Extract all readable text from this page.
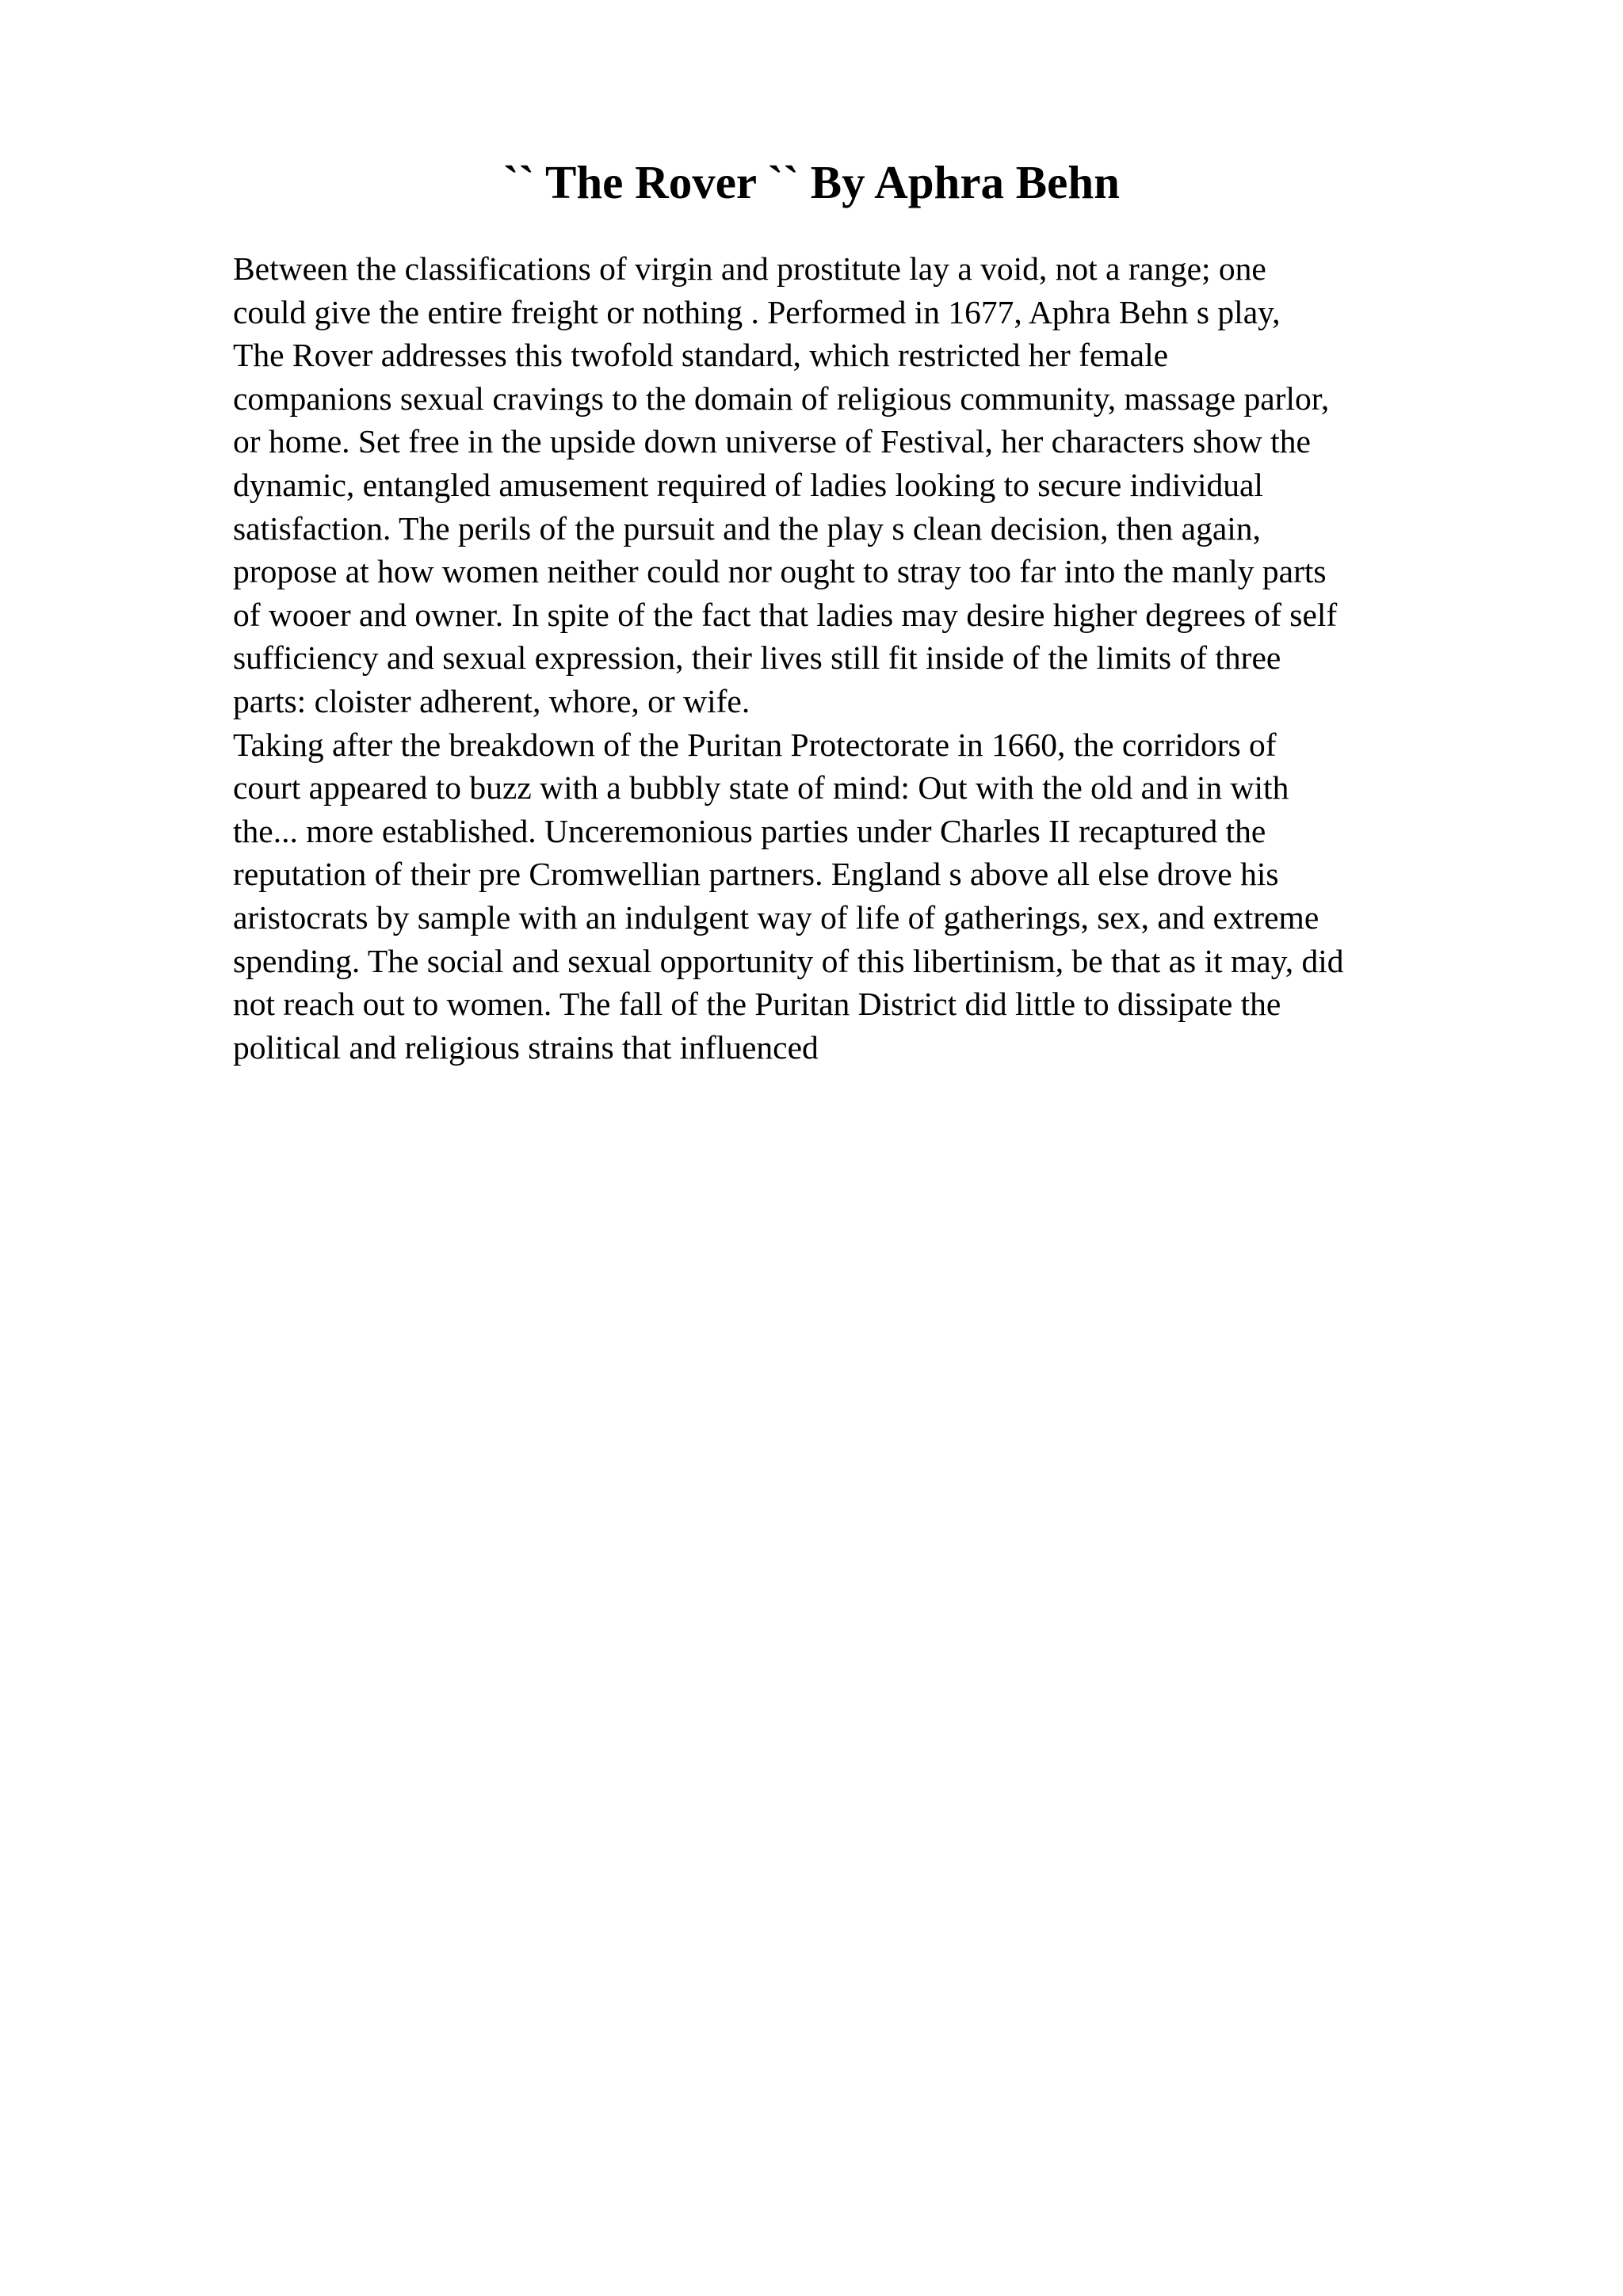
`` The Rover `` By Aphra Behn
Between the classifications of virgin and prostitute lay a void, not a range; one
could give the entire freight or nothing . Performed in 1677, Aphra Behn s play,
The Rover addresses this twofold standard, which restricted her female
companions sexual cravings to the domain of religious community, massage parlor,
or home. Set free in the upside down universe of Festival, her characters show the
dynamic, entangled amusement required of ladies looking to secure individual
satisfaction. The perils of the pursuit and the play s clean decision, then again,
propose at how women neither could nor ought to stray too far into the manly parts
of wooer and owner. In spite of the fact that ladies may desire higher degrees of self
sufficiency and sexual expression, their lives still fit inside of the limits of three
parts: cloister adherent, whore, or wife.
Taking after the breakdown of the Puritan Protectorate in 1660, the corridors of
court appeared to buzz with a bubbly state of mind: Out with the old and in with
the... more established. Unceremonious parties under Charles II recaptured the
reputation of their pre Cromwellian partners. England s above all else drove his
aristocrats by sample with an indulgent way of life of gatherings, sex, and extreme
spending. The social and sexual opportunity of this libertinism, be that as it may, did
not reach out to women. The fall of the Puritan District did little to dissipate the
political and religious strains that influenced
